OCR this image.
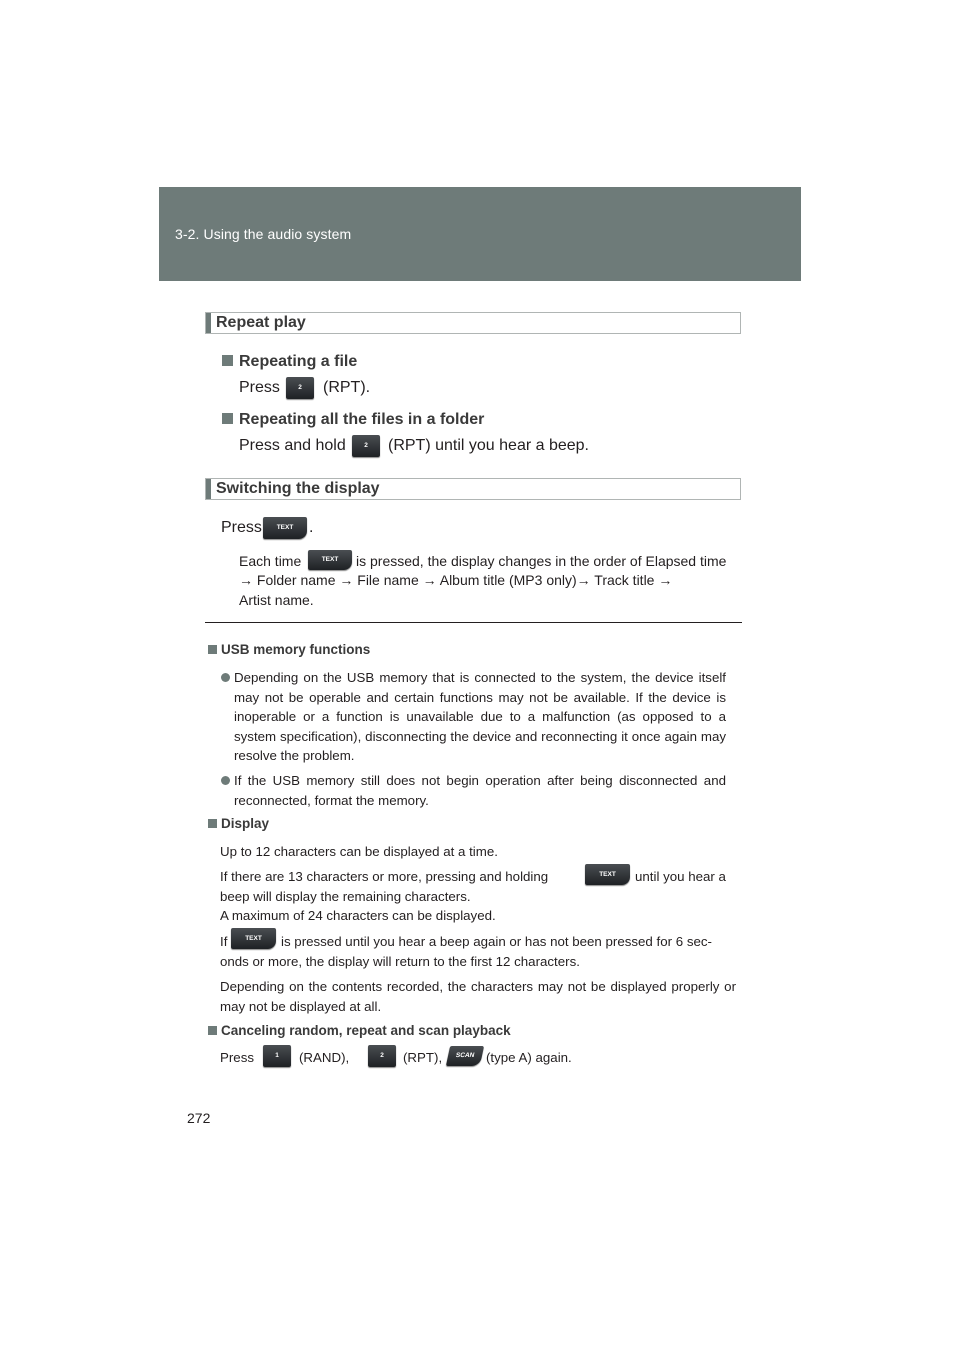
3-2. Using the audio system
Repeat play
Repeating a file
Press	2	(RPT).
Repeating all the files in a folder
Press and hold	2	(RPT) until you hear a beep.
Switching the display
Press	TEXT .
Each time	TEXT	is pressed, the display changes in the order of Elapsed time
→ Folder name → File name → Album title (MP3 only)→ Track title →
Artist name.
USB memory functions
Depending on the USB memory that is connected to the system, the device itself may not be operable and certain functions may not be available. If the device is inoperable or a function is unavailable due to a malfunction (as opposed to a system specification), disconnecting the device and reconnecting it once again may resolve the problem.
If the USB memory still does not begin operation after being disconnected and reconnected, format the memory.
Display
Up to 12 characters can be displayed at a time.
If there are 13 characters or more, pressing and holding	TEXT	until you hear a
beep will display the remaining characters.
A maximum of 24 characters can be displayed.
If	TEXT	is pressed until you hear a beep again or has not been pressed for 6 sec-
onds or more, the display will return to the first 12 characters.
Depending on the contents recorded, the characters may not be displayed properly or may not be displayed at all.
Canceling random, repeat and scan playback
Press	1	(RAND),	2	(RPT),	SCAN (type A) again.
272
